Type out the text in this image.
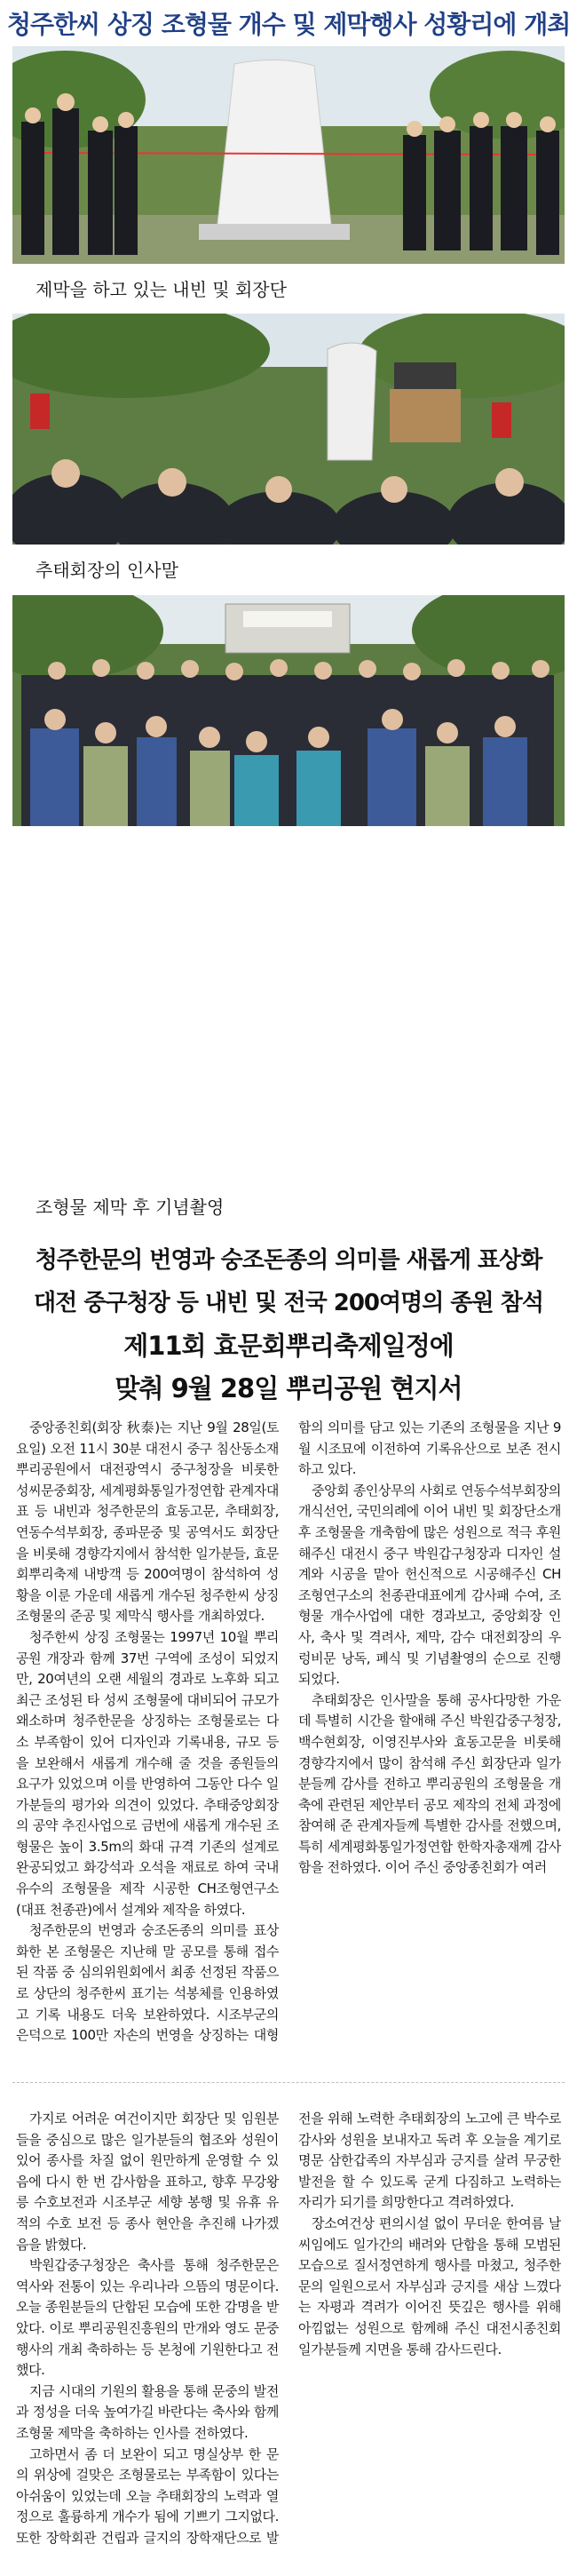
청주한씨 상징 조형물 개수 및 제막행사 성황리에 개최
제막을 하고 있는 내빈 및 회장단
추태회장의 인사말
조형물 제막 후 기념촬영
청주한문의 번영과 숭조돈종의 의미를 새롭게 표상화
대전 중구청장 등 내빈 및 전국 200여명의 종원 참석
제11회 효문회뿌리축제일정에
맞춰 9월 28일 뿌리공원 현지서

중앙종친회(회장 秋泰)는 지난 9월 28일(토요일) 오전 11시 30분 대전시 중구 침산동소재 뿌리공원에서 대전광역시 중구청장을 비롯한 성씨문중회장, 세계평화통일가정연합 관계자대표 등 내빈과 청주한문의 효동고문, 추태회장, 연동수석부회장, 종파문중 및 공역서도 회장단을 비롯해 경향각지에서 참석한 일가분들, 효문회뿌리축제 내방객 등 200여명이 참석하여 성황을 이룬 가운데 새롭게 개수된 청주한씨 상징 조형물의 준공 및 제막식 행사를 개최하였다.

청주한씨 상징 조형물는 1997년 10월 뿌리공원 개장과 함께 37번 구역에 조성이 되었지만, 20여년의 오랜 세월의 경과로 노후화 되고 최근 조성된 타 성씨 조형물에 대비되어 규모가 왜소하며 청주한문을 상징하는 조형물로는 다소 부족함이 있어 디자인과 기록내용, 규모 등을 보완해서 새롭게 개수해 줄 것을 종원들의 요구가 있었으며 이를 반영하여 그동안 다수 일가분들의 평가와 의견이 있었다. 추태중앙회장의 공약 추진사업으로 금번에 새롭게 개수된 조형물은 높이 3.5m의 화대 규격 기존의 설계로 완공되었고 화강석과 오석을 재료로 하여 국내 유수의 조형물을 제작 시공한 CH조형연구소(대표 천종관)에서 설계와 제작을 하였다.

청주한문의 번영과 숭조돈종의 의미를 표상화한 본 조형물은 지난해 말 공모를 통해 접수된 작품 중 심의위원회에서 최종 선정된 작품으로 상단의 청주한씨 표기는 석봉체를 인용하였고 기록 내용도 더욱 보완하였다. 시조부군의 은덕으로 100만 자손의 번영을 상징하는 대형함의 의미를 담고 있는 기존의 조형물을 지난 9월 시조묘에 이전하여 기록유산으로 보존 전시하고 있다.

중앙회 종인상무의 사회로 연동수석부회장의 개식선언, 국민의례에 이어 내빈 및 회장단소개 후 조형물을 개축함에 많은 성원으로 적극 후원해주신 대전시 중구 박원갑구청장과 디자인 설계와 시공을 맡아 헌신적으로 시공해주신 CH조형연구소의 천종관대표에게 감사패 수여, 조형물 개수사업에 대한 경과보고, 중앙회장 인사, 축사 및 격려사, 제막, 감수 대전회장의 우렁비문 낭독, 폐식 및 기념촬영의 순으로 진행되었다.

추태회장은 인사말을 통해 공사다망한 가운데 특별히 시간을 할애해 주신 박원갑중구청장, 백수현회장, 이영진부사와 효동고문을 비롯해 경향각지에서 많이 참석해 주신 회장단과 일가분들께 감사를 전하고 뿌리공원의 조형물을 개축에 관련된 제안부터 공모 제작의 전체 과정에 참여해 준 관계자들께 특별한 감사를 전했으며, 특히 세계평화통일가정연합 한학자총재께 감사함을 전하였다. 이어 주신 중앙종친회가 여러

가지로 어려운 여건이지만 회장단 및 임원분들을 중심으로 많은 일가분들의 협조와 성원이 있어 종사를 차질 없이 원만하게 운영할 수 있음에 다시 한 번 감사함을 표하고, 향후 무강왕릉 수호보전과 시조부군 세향 봉행 및 유휴 유적의 수호 보전 등 종사 현안을 추진해 나가겠음을 밝혔다.

박원갑중구청장은 축사를 통해 청주한문은 역사와 전통이 있는 우리나라 으뜸의 명문이다. 오늘 종원분들의 단합된 모습에 또한 감명을 받았다. 이로 뿌리공원진흥원의 만개와 영도 문중행사의 개최 축하하는 등 본청에 기원한다고 전했다.

지금 시대의 기원의 활용을 통해 문중의 발전과 정성을 더욱 높여가길 바란다는 축사와 함께 조형물 제막을 축하하는 인사를 전하였다.

고하면서 좀 더 보완이 되고 명실상부 한 문의 위상에 걸맞은 조형물로는 부족함이 있다는 아쉬움이 있었는데 오늘 추태회장의 노력과 열정으로 훌륭하게 개수가 됨에 기쁘기 그지없다. 또한 장학회관 건립과 글지의 장학재단으로 발전을 위해 노력한 추태회장의 노고에 큰 박수로 감사와 성원을 보내자고 독려 후 오늘을 계기로 명문 삼한갑족의 자부심과 긍지를 살려 무궁한 발전을 할 수 있도록 굳게 다짐하고 노력하는 자리가 되기를 희망한다고 격려하였다.

장소여건상 편의시설 없이 무더운 한여름 날씨임에도 일가간의 배려와 단합을 통해 모범된 모습으로 질서정연하게 행사를 마쳤고, 청주한문의 일원으로서 자부심과 긍지를 새삼 느꼈다는 자평과 격려가 이어진 뜻깊은 행사를 위해 아낌없는 성원으로 함께해 주신 대전시종친회 일가분들께 지면을 통해 감사드린다.
